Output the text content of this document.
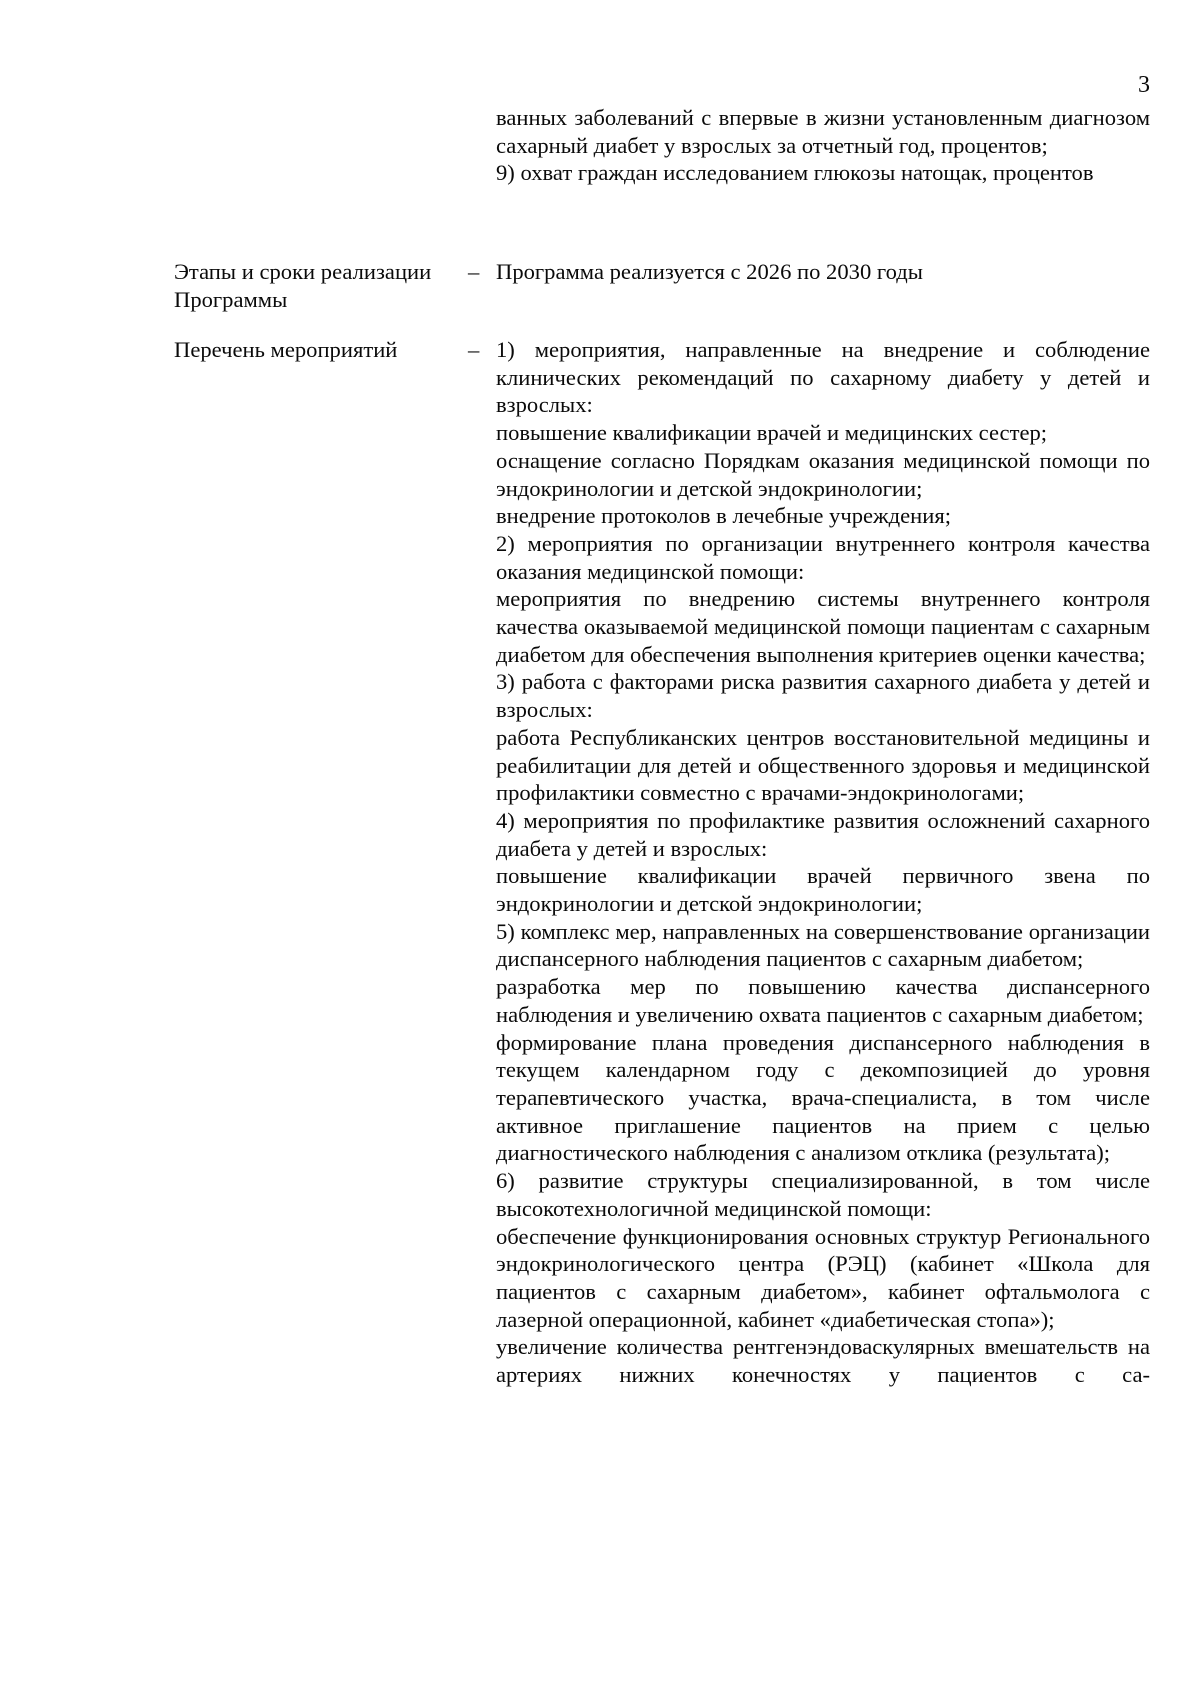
3

ванных заболеваний с впервые в жизни установленным диагнозом сахарный диабет у взрослых за отчетный год, процентов;

9) охват граждан исследованием глюкозы натощак, процентов

Этапы и сроки реализации Программы
– Программа реализуется с 2026 по 2030 годы

Перечень мероприятий	– 1) мероприятия, направленные на внедрение и соблюдение клинических рекомендаций по сахарному диабету у детей и взрослых:

повышение квалификации врачей и медицинских сестер;

оснащение согласно Порядкам оказания медицинской помощи по эндокринологии и детской эндокринологии;

внедрение протоколов в лечебные учреждения;

2) мероприятия по организации внутреннего контроля качества оказания медицинской помощи:

мероприятия по внедрению системы внутреннего контроля качества оказываемой медицинской помощи пациентам с сахарным диабетом для обеспечения выполнения критериев оценки качества;

3) работа с факторами риска развития сахарного диабета у детей и взрослых:

работа Республиканских центров восстановительной медицины и реабилитации для детей и общественного здоровья и медицинской профилактики совместно с врачами-эндокринологами;

4) мероприятия по профилактике развития осложнений сахарного диабета у детей и взрослых:

повышение квалификации врачей первичного звена по эндокринологии и детской эндокринологии;

5) комплекс мер, направленных на совершенствование организации диспансерного наблюдения пациентов с сахарным диабетом;

разработка мер по повышению качества диспансерного наблюдения и увеличению охвата пациентов с сахарным диабетом;

формирование плана проведения диспансерного наблюдения в текущем календарном году с декомпозицией до уровня терапевтического участка, врача-специалиста, в том числе активное приглашение пациентов на прием с целью диагностического наблюдения с анализом отклика (результата);

6) развитие структуры специализированной, в том числе высокотехнологичной медицинской помощи:

обеспечение функционирования основных структур Регионального эндокринологического центра (РЭЦ) (кабинет «Школа для пациентов с сахарным диабетом», кабинет офтальмолога с лазерной операционной, кабинет «диабетическая стопа»);

увеличение количества рентгенэндоваскулярных вмешательств на артериях нижних конечностях у пациентов с са-
